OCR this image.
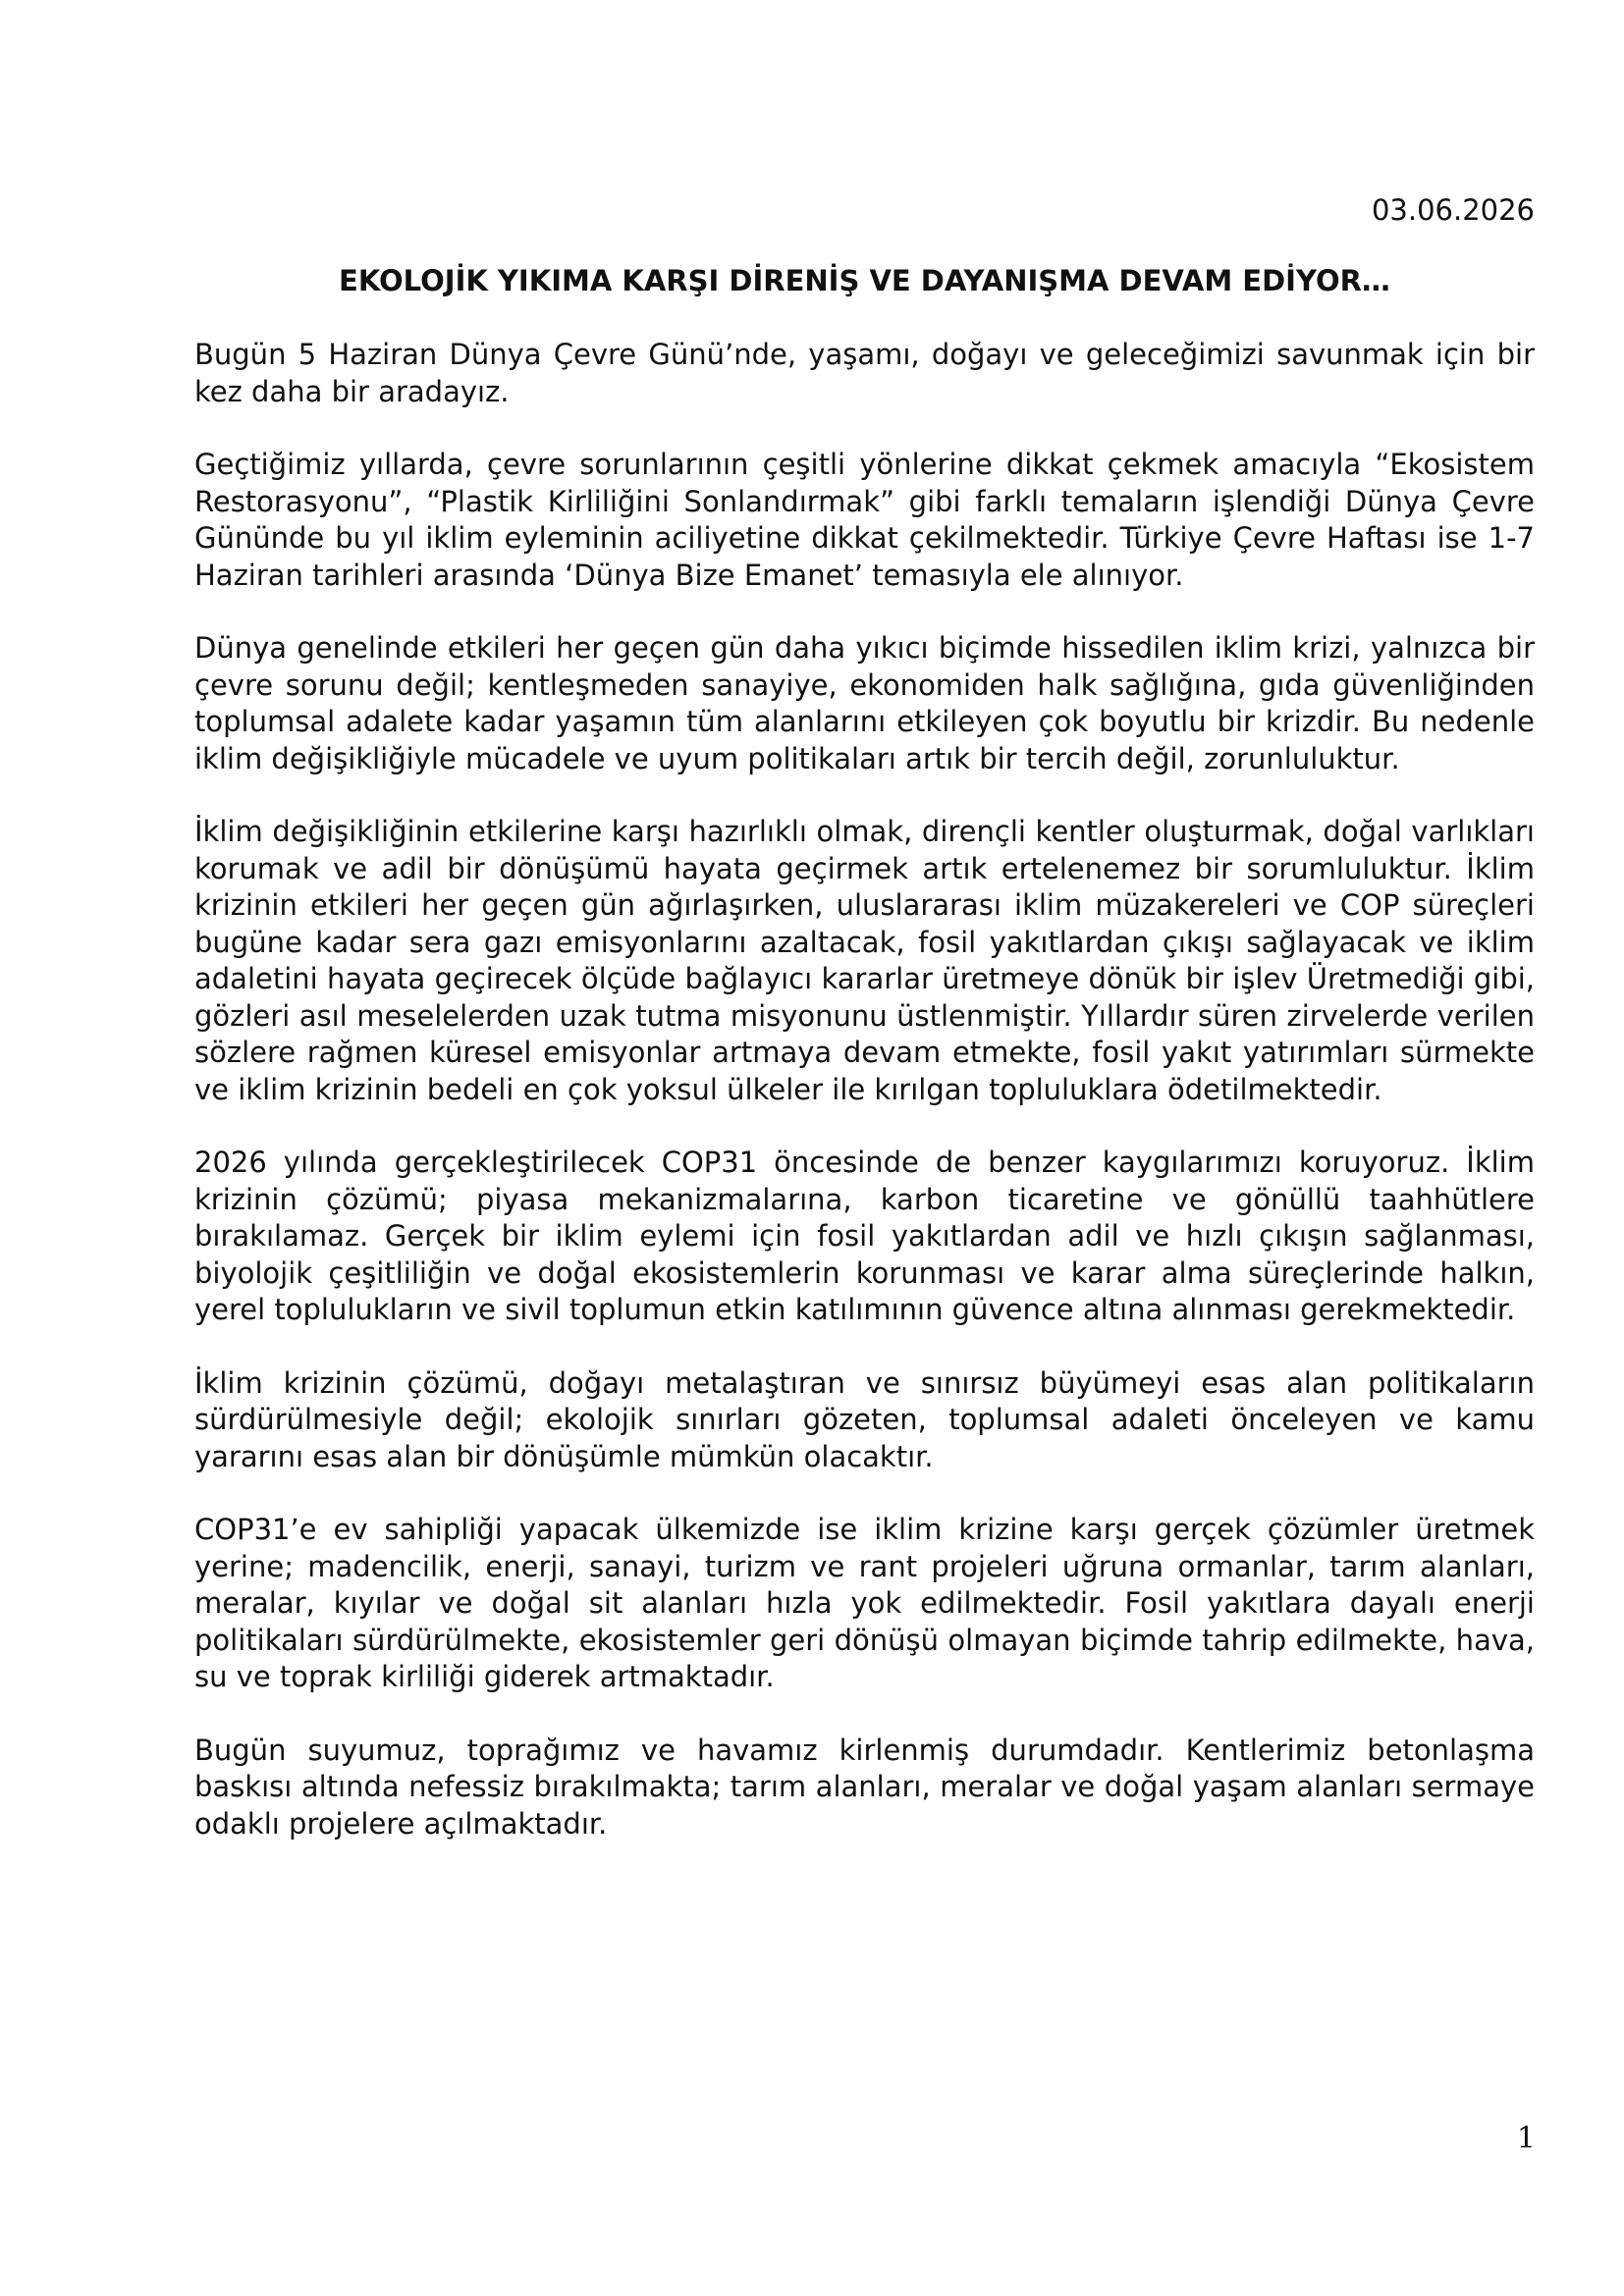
03.06.2026
EKOLOJİK YIKIMA KARŞI DİRENİŞ VE DAYANIŞMA DEVAM EDİYOR…

Bugün 5 Haziran Dünya Çevre Günü’nde, yaşamı, doğayı ve geleceğimizi savunmak için bir kez daha bir aradayız.

Geçtiğimiz yıllarda, çevre sorunlarının çeşitli yönlerine dikkat çekmek amacıyla “Ekosistem Restorasyonu”, “Plastik Kirliliğini Sonlandırmak” gibi farklı temaların işlendiği Dünya Çevre Gününde bu yıl iklim eyleminin aciliyetine dikkat çekilmektedir. Türkiye Çevre Haftası ise 1-7 Haziran tarihleri arasında ‘Dünya Bize Emanet’ temasıyla ele alınıyor.

Dünya genelinde etkileri her geçen gün daha yıkıcı biçimde hissedilen iklim krizi, yalnızca bir çevre sorunu değil; kentleşmeden sanayiye, ekonomiden halk sağlığına, gıda güvenliğinden toplumsal adalete kadar yaşamın tüm alanlarını etkileyen çok boyutlu bir krizdir. Bu nedenle iklim değişikliğiyle mücadele ve uyum politikaları artık bir tercih değil, zorunluluktur.

İklim değişikliğinin etkilerine karşı hazırlıklı olmak, dirençli kentler oluşturmak, doğal varlıkları korumak ve adil bir dönüşümü hayata geçirmek artık ertelenemez bir sorumluluktur. İklim krizinin etkileri her geçen gün ağırlaşırken, uluslararası iklim müzakereleri ve COP süreçleri bugüne kadar sera gazı emisyonlarını azaltacak, fosil yakıtlardan çıkışı sağlayacak ve iklim adaletini hayata geçirecek ölçüde bağlayıcı kararlar üretmeye dönük bir işlev Üretmediği gibi, gözleri asıl meselelerden uzak tutma misyonunu üstlenmiştir. Yıllardır süren zirvelerde verilen sözlere rağmen küresel emisyonlar artmaya devam etmekte, fosil yakıt yatırımları sürmekte ve iklim krizinin bedeli en çok yoksul ülkeler ile kırılgan topluluklara ödetilmektedir.

2026 yılında gerçekleştirilecek COP31 öncesinde de benzer kaygılarımızı koruyoruz. İklim krizinin çözümü; piyasa mekanizmalarına, karbon ticaretine ve gönüllü taahhütlere bırakılamaz. Gerçek bir iklim eylemi için fosil yakıtlardan adil ve hızlı çıkışın sağlanması, biyolojik çeşitliliğin ve doğal ekosistemlerin korunması ve karar alma süreçlerinde halkın, yerel toplulukların ve sivil toplumun etkin katılımının güvence altına alınması gerekmektedir.

İklim krizinin çözümü, doğayı metalaştıran ve sınırsız büyümeyi esas alan politikaların sürdürülmesiyle değil; ekolojik sınırları gözeten, toplumsal adaleti önceleyen ve kamu yararını esas alan bir dönüşümle mümkün olacaktır.

COP31’e ev sahipliği yapacak ülkemizde ise iklim krizine karşı gerçek çözümler üretmek yerine; madencilik, enerji, sanayi, turizm ve rant projeleri uğruna ormanlar, tarım alanları, meralar, kıyılar ve doğal sit alanları hızla yok edilmektedir. Fosil yakıtlara dayalı enerji politikaları sürdürülmekte, ekosistemler geri dönüşü olmayan biçimde tahrip edilmekte, hava, su ve toprak kirliliği giderek artmaktadır.

Bugün suyumuz, toprağımız ve havamız kirlenmiş durumdadır. Kentlerimiz betonlaşma baskısı altında nefessiz bırakılmakta; tarım alanları, meralar ve doğal yaşam alanları sermaye odaklı projelere açılmaktadır.

1
